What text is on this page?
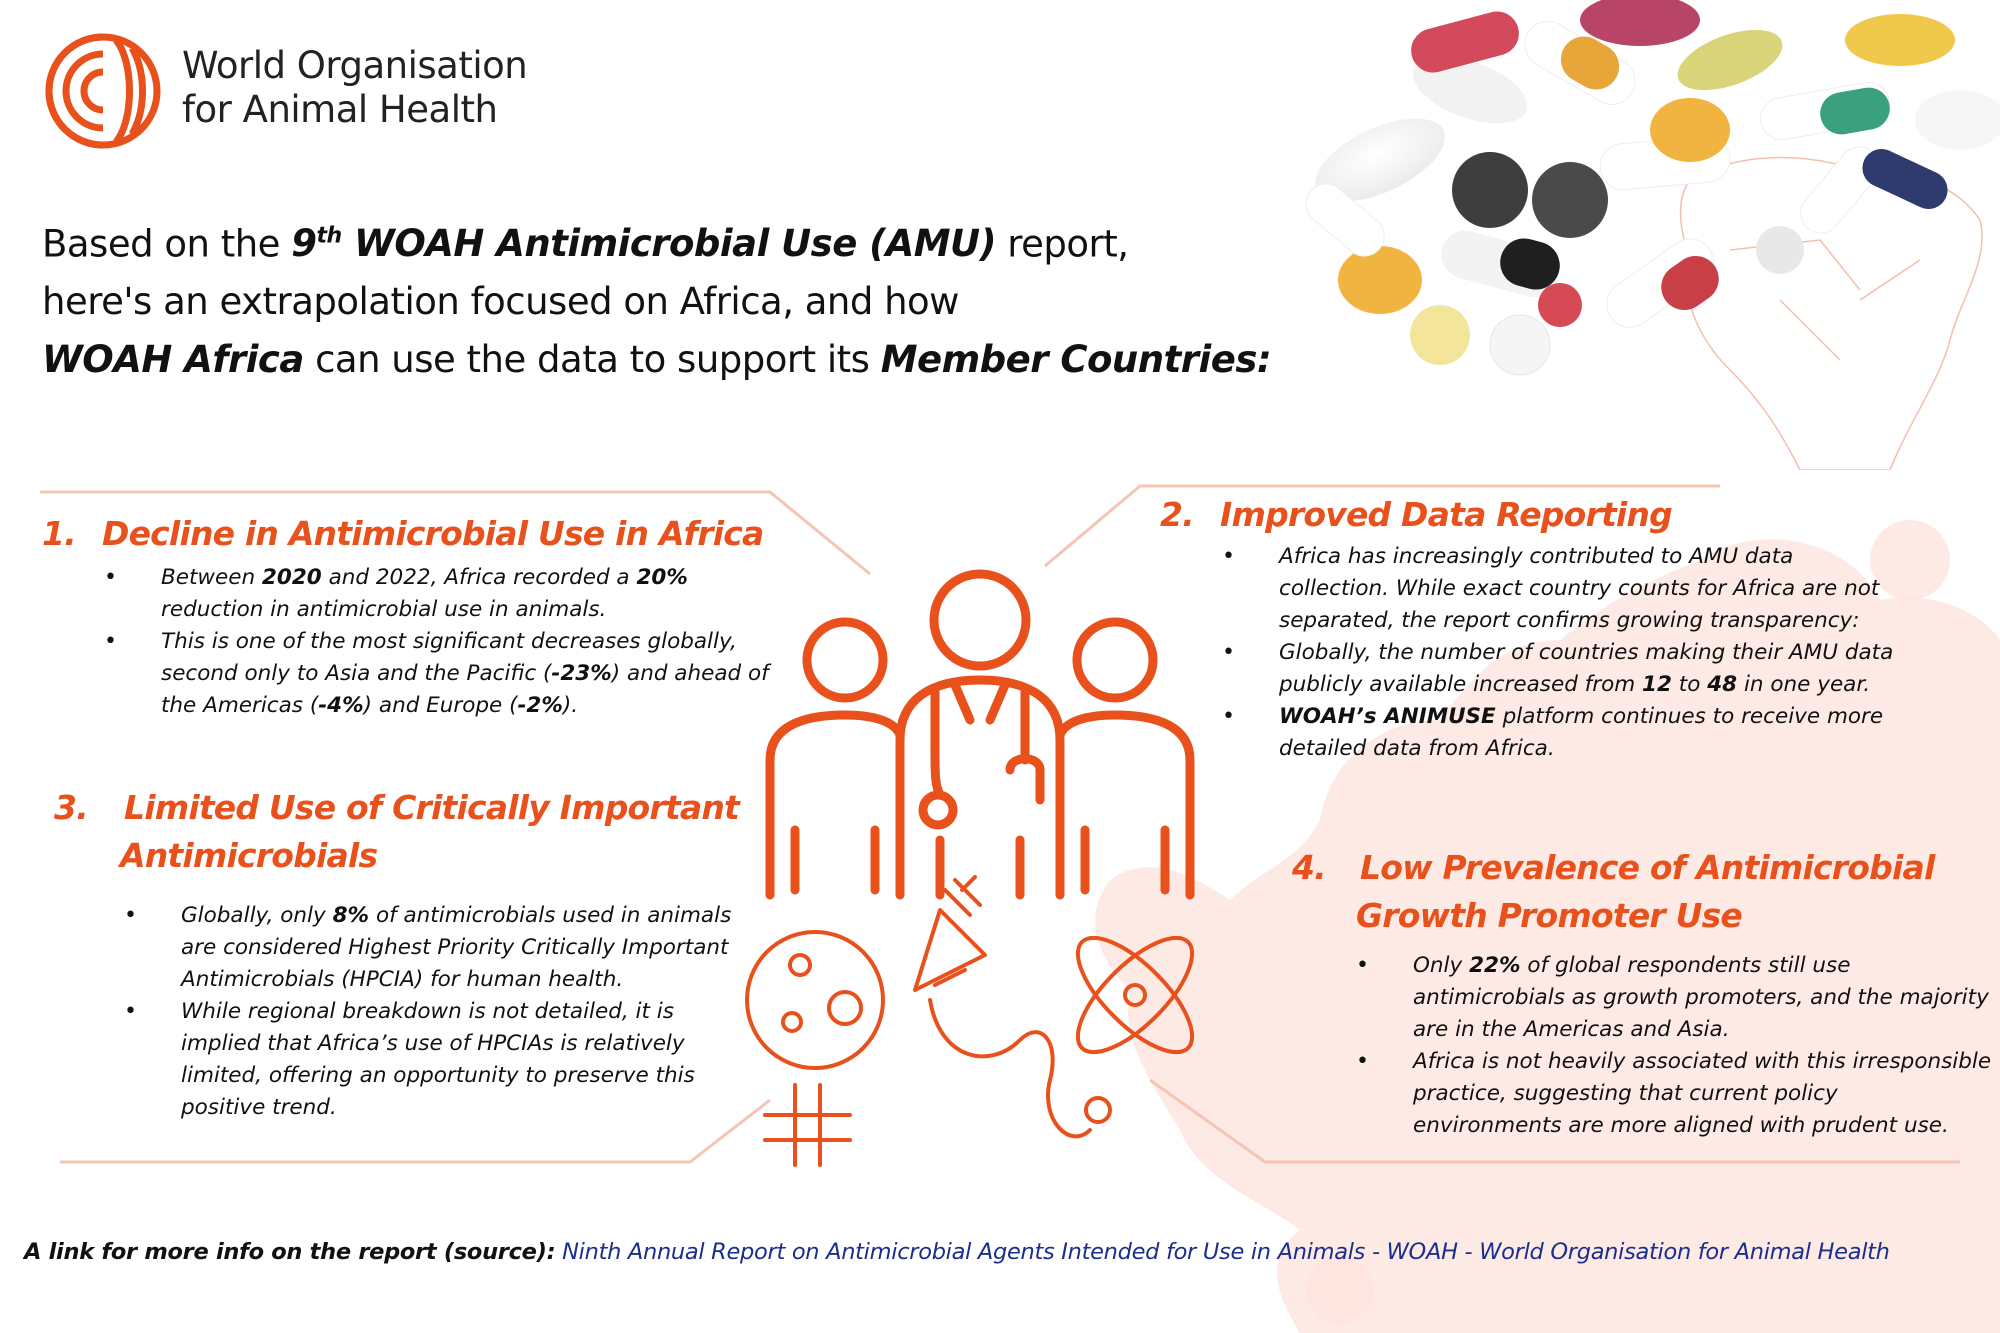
World Organisation
for Animal Health
Based on the 9th WOAH Antimicrobial Use (AMU) report,
here's an extrapolation focused on Africa, and how
WOAH Africa can use the data to support its Member Countries:
1. Decline in Antimicrobial Use in Africa
• Between 2020 and 2022, Africa recorded a 20% reduction in antimicrobial use in animals.
• This is one of the most significant decreases globally, second only to Asia and the Pacific (-23%) and ahead of the Americas (-4%) and Europe (-2%).
2. Improved Data Reporting
• Africa has increasingly contributed to AMU data collection. While exact country counts for Africa are not separated, the report confirms growing transparency:
• Globally, the number of countries making their AMU data publicly available increased from 12 to 48 in one year.
• WOAH’s ANIMUSE platform continues to receive more detailed data from Africa.
3. Limited Use of Critically Important
Antimicrobials
• Globally, only 8% of antimicrobials used in animals are considered Highest Priority Critically Important Antimicrobials (HPCIA) for human health.
• While regional breakdown is not detailed, it is implied that Africa’s use of HPCIAs is relatively limited, offering an opportunity to preserve this positive trend.
4. Low Prevalence of Antimicrobial
Growth Promoter Use
• Only 22% of global respondents still use antimicrobials as growth promoters, and the majority are in the Americas and Asia.
• Africa is not heavily associated with this irresponsible practice, suggesting that current policy environments are more aligned with prudent use.
A link for more info on the report (source): Ninth Annual Report on Antimicrobial Agents Intended for Use in Animals - WOAH - World Organisation for Animal Health
